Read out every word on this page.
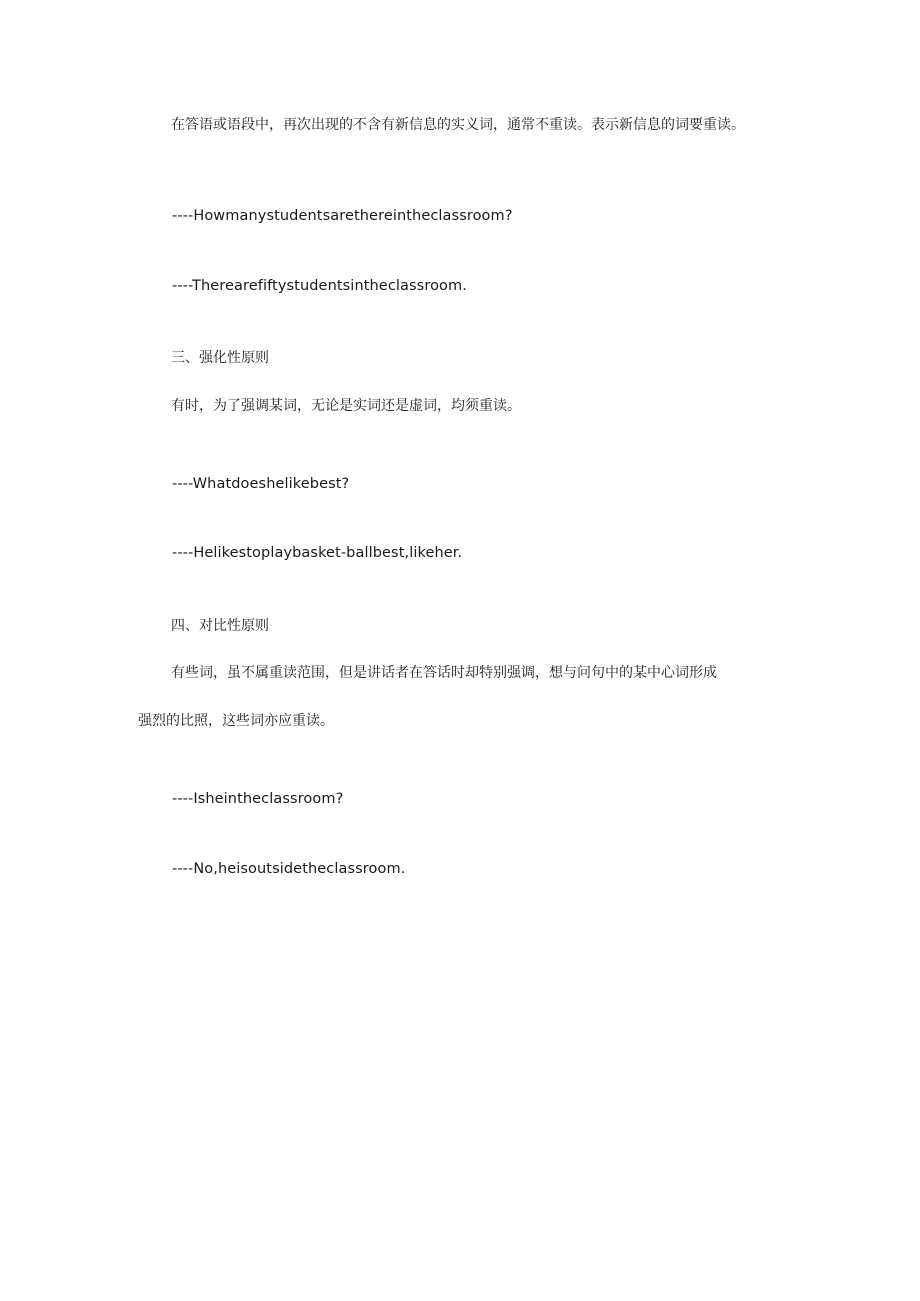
在答语或语段中，再次出现的不含有新信息的实义词，通常不重读。表示新信息的词要重读。

----Howmanystudentsarethereintheclassroom?

----Therearefiftystudentsintheclassroom.

三、强化性原则

有时，为了强调某词，无论是实词还是虚词，均须重读。

----Whatdoeshelikebest?

----Helikestoplaybasket-ballbest,likeher.

四、对比性原则

有些词，虽不属重读范围，但是讲话者在答话时却特别强调，想与问句中的某中心词形成

强烈的比照，这些词亦应重读。

----Isheintheclassroom?

----No,heisoutsidetheclassroom.
